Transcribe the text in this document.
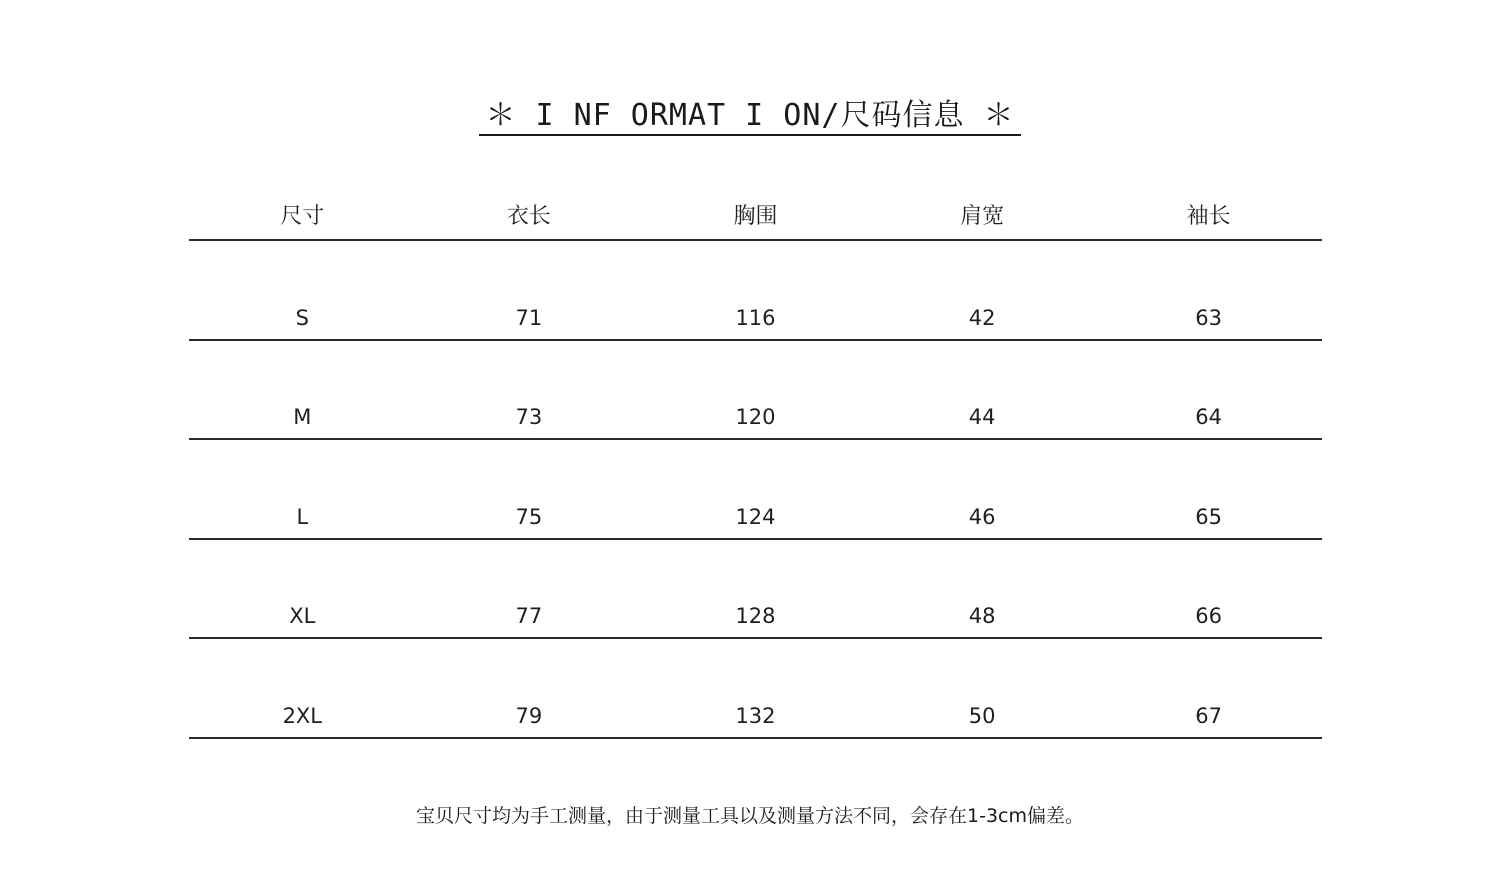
＊ I NF ORMAT I ON/尺码信息 ＊
尺寸	衣长	胸围	肩宽	袖长
S	71	116	42	63
M	73	120	44	64
L	75	124	46	65
XL	77	128	48	66
2XL	79	132	50	67
宝贝尺寸均为手工测量，由于测量工具以及测量方法不同，会存在1-3cm偏差。
